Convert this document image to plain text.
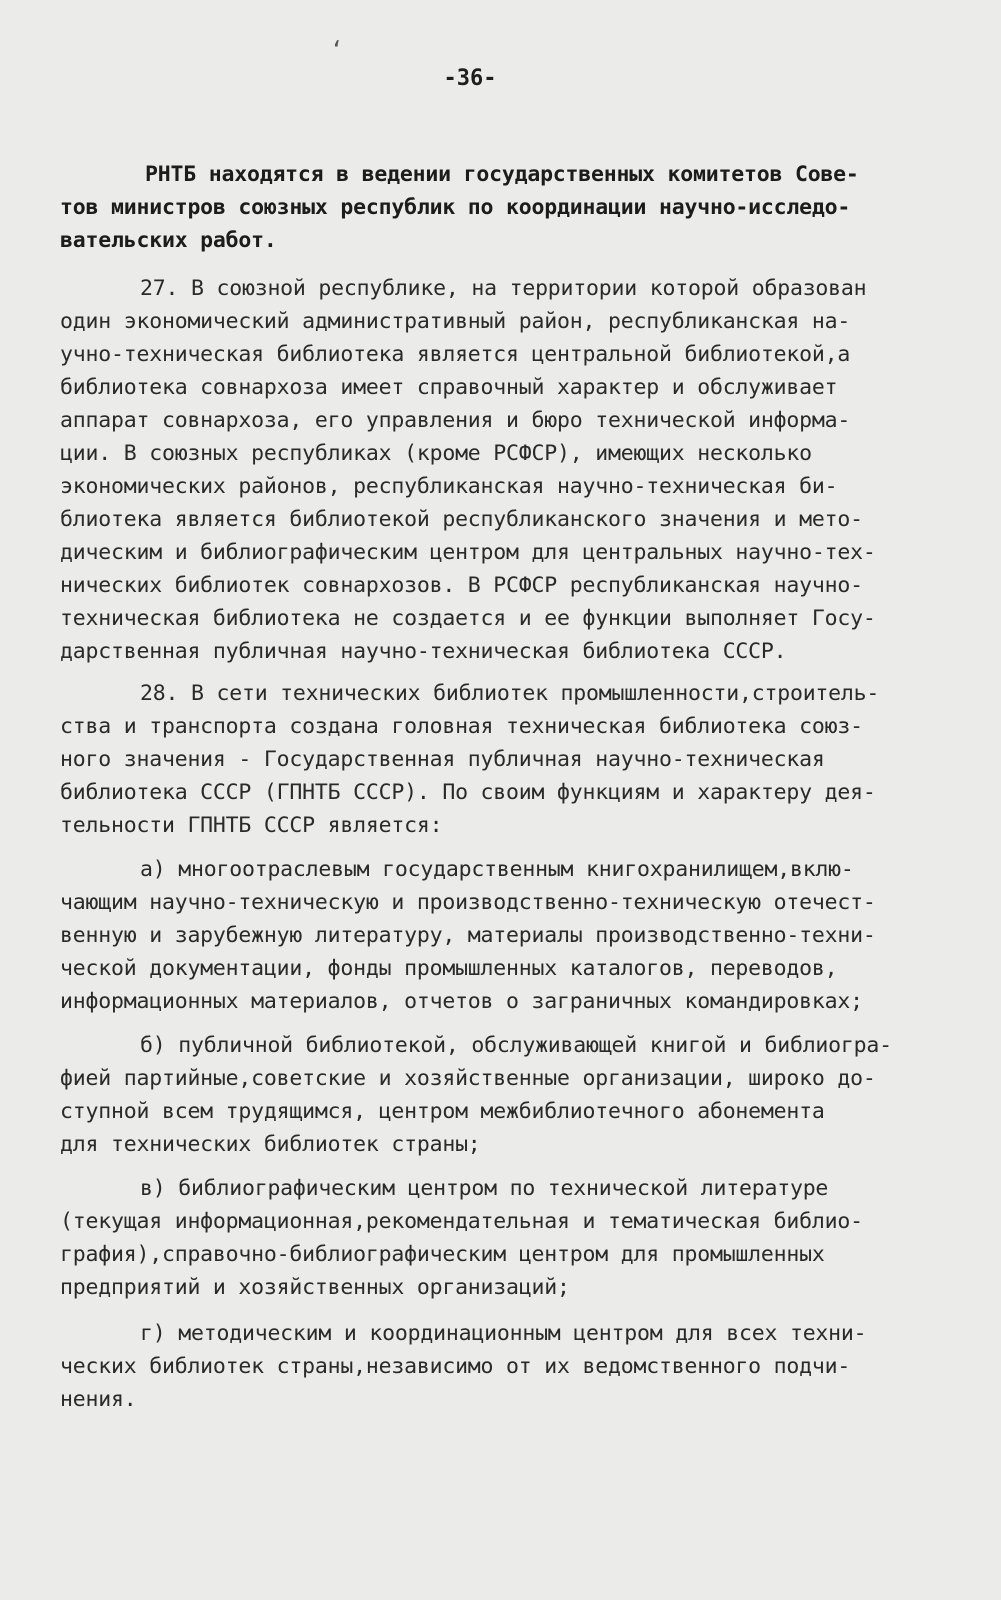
ʻ
-36-
РНТБ находятся в ведении государственных комитетов Сове-
тов министров союзных республик по координации научно-исследо-
вательских работ.
27. В союзной республике, на территории которой образован
один экономический административный район, республиканская на-
учно-техническая библиотека является центральной библиотекой,а
библиотека совнархоза имеет справочный характер и обслуживает
аппарат совнархоза, его управления и бюро технической информа-
ции. В союзных республиках (кроме РСФСР), имеющих несколько
экономических районов, республиканская научно-техническая би-
блиотека является библиотекой республиканского значения и мето-
дическим и библиографическим центром для центральных научно-тех-
нических библиотек совнархозов. В РСФСР республиканская научно-
техническая библиотека не создается и ее функции выполняет Госу-
дарственная публичная научно-техническая библиотека СССР.
28. В сети технических библиотек промышленности,строитель-
ства и транспорта создана головная техническая библиотека союз-
ного значения - Государственная публичная научно-техническая
библиотека СССР (ГПНТБ СССР). По своим функциям и характеру дея-
тельности ГПНТБ СССР является:
а) многоотраслевым государственным книгохранилищем,вклю-
чающим научно-техническую и производственно-техническую отечест-
венную и зарубежную литературу, материалы производственно-техни-
ческой документации, фонды промышленных каталогов, переводов,
информационных материалов, отчетов о заграничных командировках;
б) публичной библиотекой, обслуживающей книгой и библиогра-
фией партийные,советские и хозяйственные организации, широко до-
ступной всем трудящимся, центром межбиблиотечного абонемента
для технических библиотек страны;
в) библиографическим центром по технической литературе
(текущая информационная,рекомендательная и тематическая библио-
графия),справочно-библиографическим центром для промышленных
предприятий и хозяйственных организаций;
г) методическим и координационным центром для всех техни-
ческих библиотек страны,независимо от их ведомственного подчи-
нения.
